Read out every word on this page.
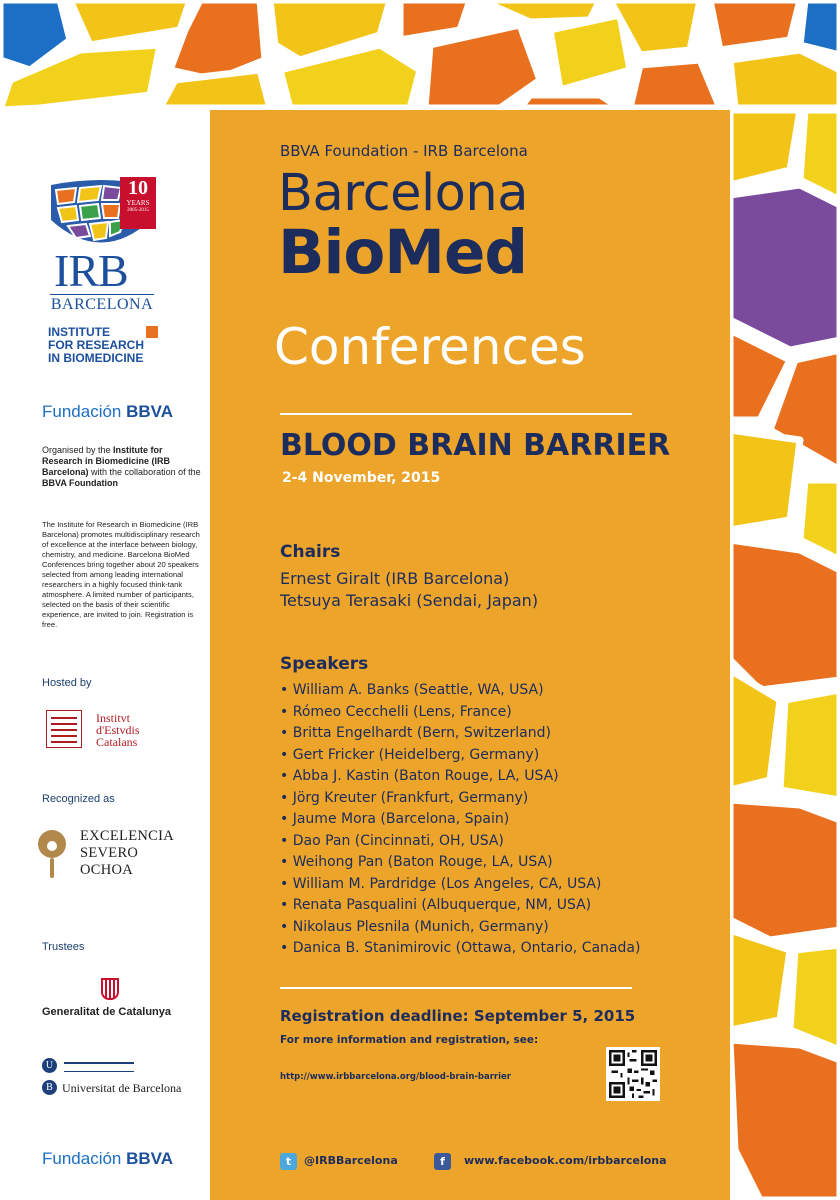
10
YEARS
2005-2015
IRB
BARCELONA
INSTITUTE
FOR RESEARCH
IN BIOMEDICINE
Fundación BBVA
Organised by the Institute for Research in Biomedicine (IRB Barcelona) with the collaboration of the BBVA Foundation
The Institute for Research in Biomedicine (IRB Barcelona) promotes multidisciplinary research of excellence at the interface between biology, chemistry, and medicine. Barcelona BioMed Conferences bring together about 20 speakers selected from among leading international researchers in a highly focused think-tank atmosphere. A limited number of participants, selected on the basis of their scientific experience, are invited to join. Registration is free.
Hosted by
Institvt
d'Estvdis
Catalans
Recognized as
EXCELENCIA
SEVERO
OCHOA
Trustees
Generalitat de Catalunya
U
B Universitat de Barcelona
Fundación BBVA
BBVA Foundation - IRB Barcelona
Barcelona
BioMed
Conferences
BLOOD BRAIN BARRIER
2-4 November, 2015
Chairs
Ernest Giralt (IRB Barcelona)
Tetsuya Terasaki (Sendai, Japan)
Speakers
• William A. Banks (Seattle, WA, USA)
• Rómeo Cecchelli (Lens, France)
• Britta Engelhardt (Bern, Switzerland)
• Gert Fricker (Heidelberg, Germany)
• Abba J. Kastin (Baton Rouge, LA, USA)
• Jörg Kreuter (Frankfurt, Germany)
• Jaume Mora (Barcelona, Spain)
• Dao Pan (Cincinnati, OH, USA)
• Weihong Pan (Baton Rouge, LA, USA)
• William M. Pardridge (Los Angeles, CA, USA)
• Renata Pasqualini (Albuquerque, NM, USA)
• Nikolaus Plesnila (Munich, Germany)
• Danica B. Stanimirovic (Ottawa, Ontario, Canada)
Registration deadline: September 5, 2015
For more information and registration, see:
http://www.irbbarcelona.org/blood-brain-barrier
t	@IRBBarcelona	f	www.facebook.com/irbbarcelona
